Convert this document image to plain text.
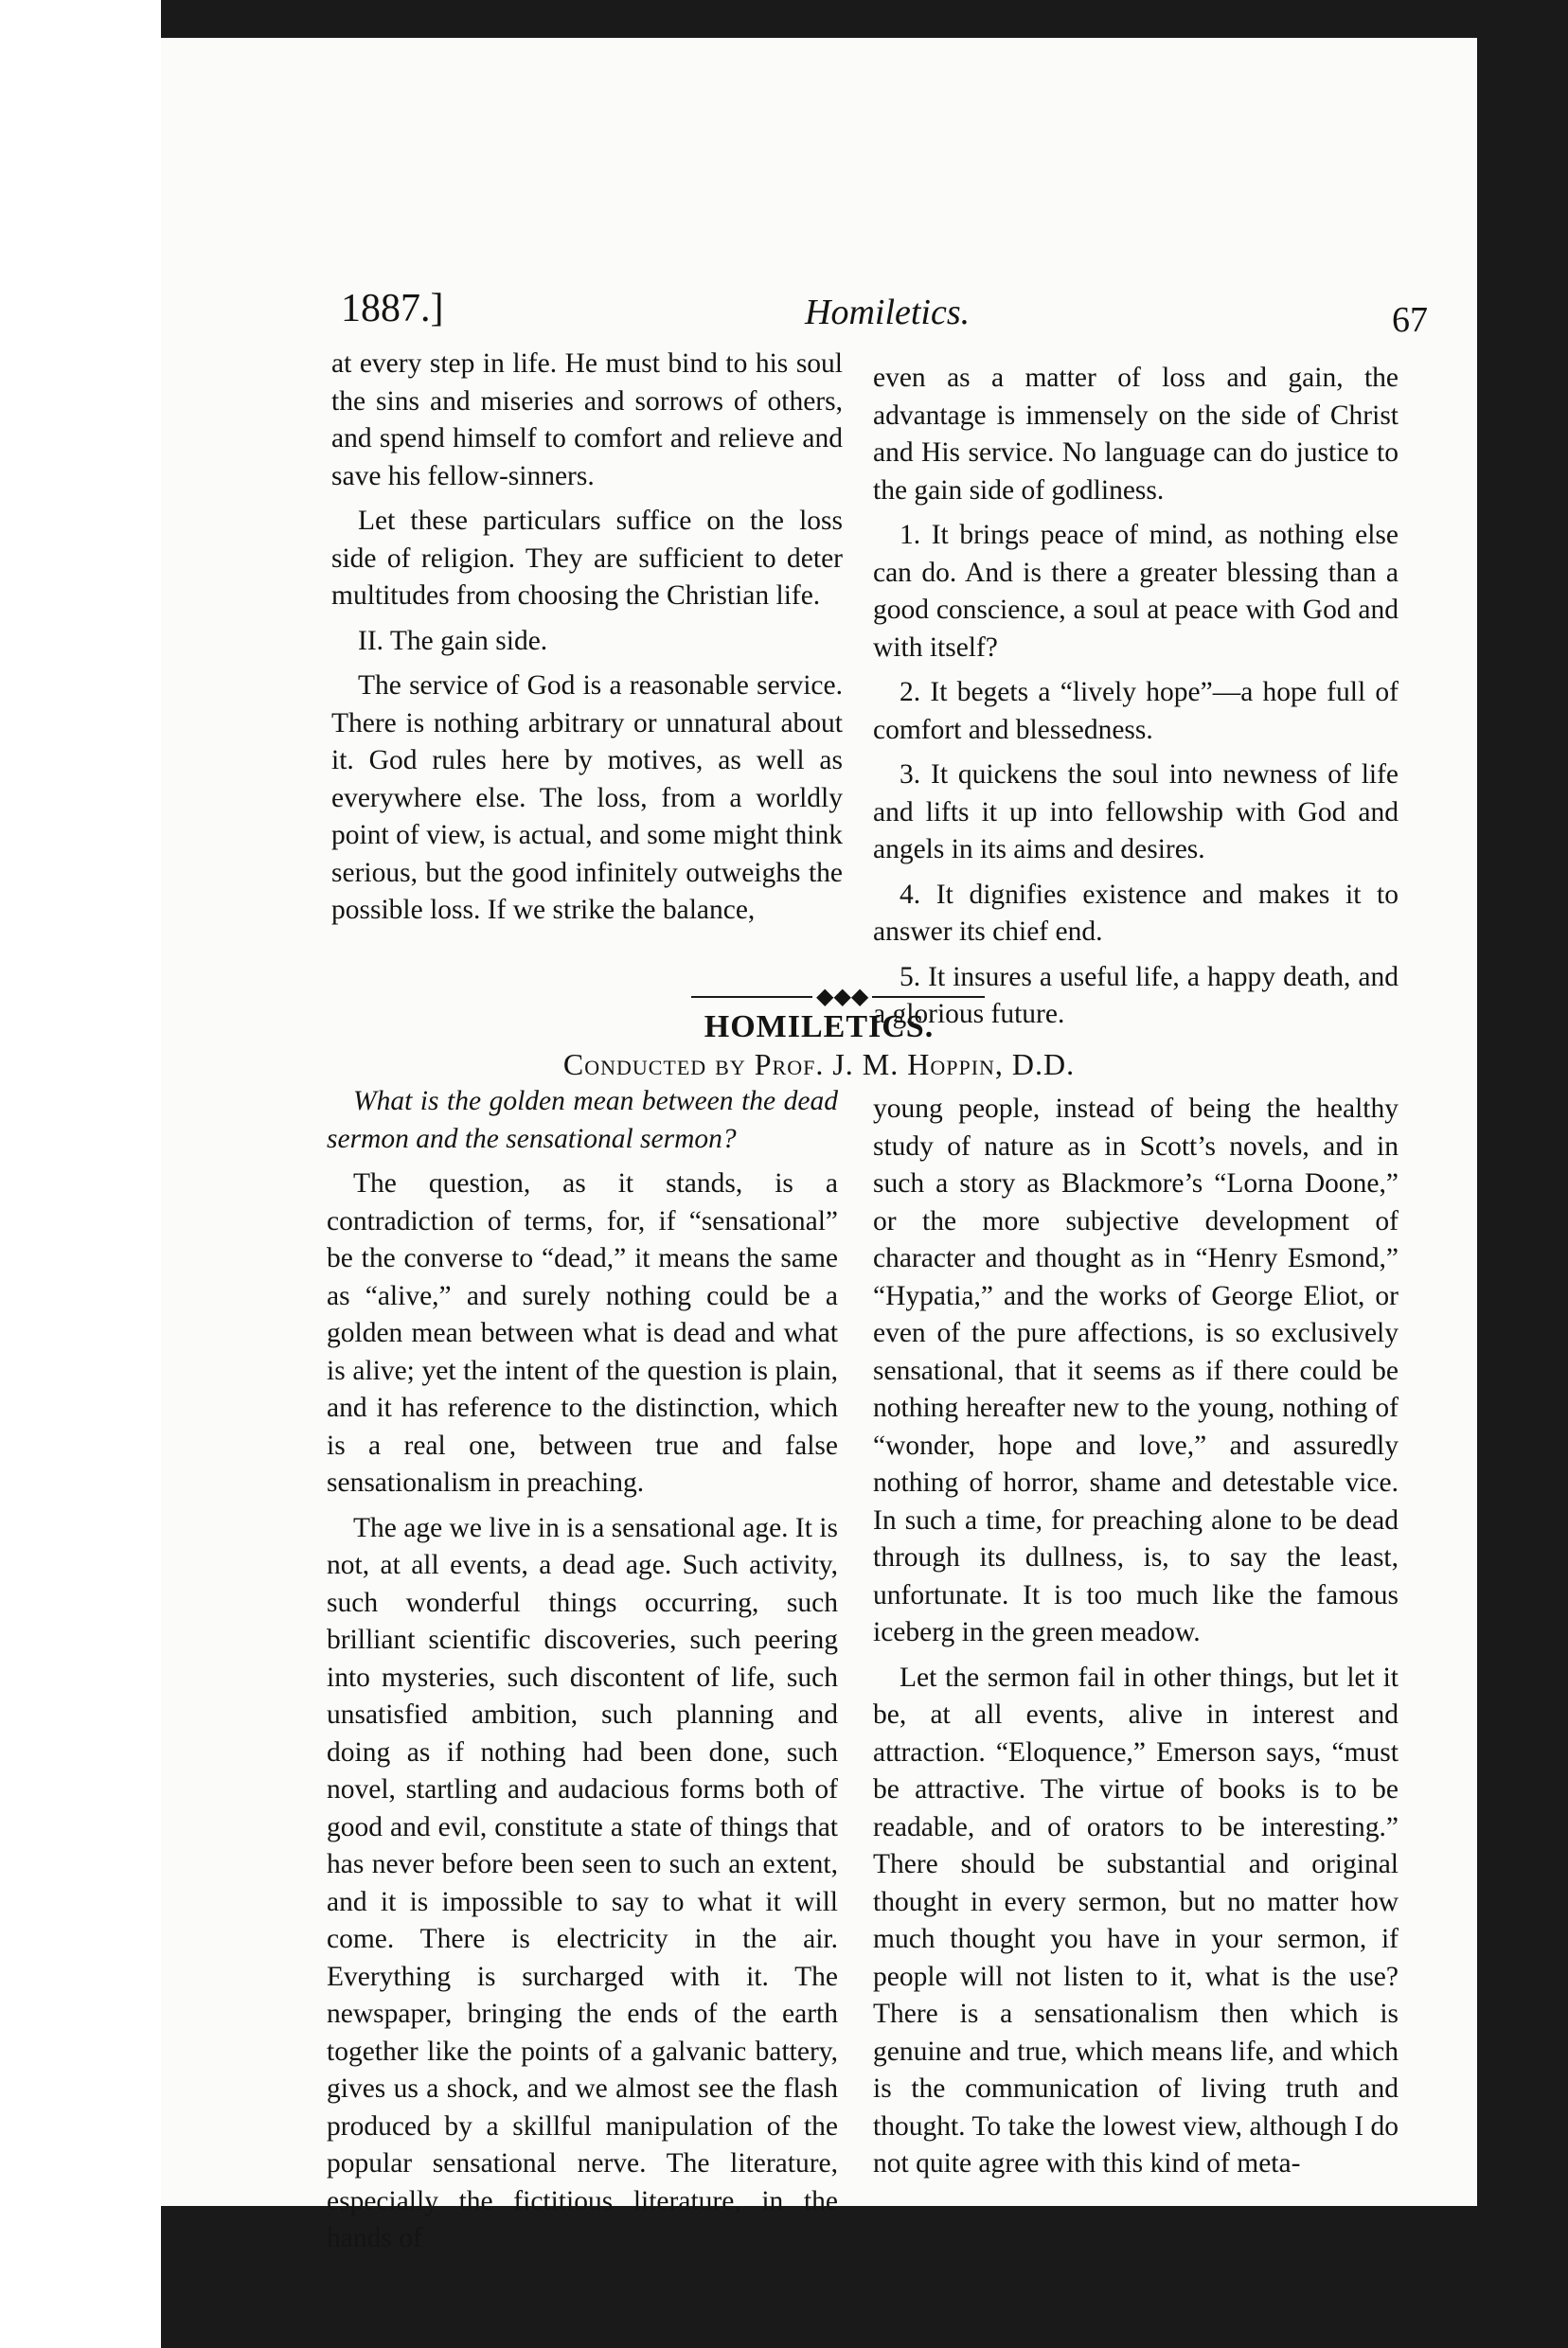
1887.]	Homiletics.	67

at every step in life. He must bind to his soul the sins and miseries and sorrows of others, and spend himself to comfort and relieve and save his fellow-sinners.

Let these particulars suffice on the loss side of religion. They are sufficient to deter multitudes from choosing the Christian life.

II. The gain side.

The service of God is a reasonable service. There is nothing arbitrary or unnatural about it. God rules here by motives, as well as everywhere else. The loss, from a worldly point of view, is actual, and some might think serious, but the good infinitely outweighs the possible loss. If we strike the balance,

even as a matter of loss and gain, the advantage is immensely on the side of Christ and His service. No language can do justice to the gain side of godliness.

1. It brings peace of mind, as nothing else can do. And is there a greater blessing than a good conscience, a soul at peace with God and with itself?

2. It begets a “lively hope”—a hope full of comfort and blessedness.

3. It quickens the soul into newness of life and lifts it up into fellowship with God and angels in its aims and desires.

4. It dignifies existence and makes it to answer its chief end.

5. It insures a useful life, a happy death, and a glorious future.

◆◆◆
HOMILETICS.
Conducted by Prof. J. M. Hoppin, D.D.

What is the golden mean between the dead sermon and the sensational sermon?

The question, as it stands, is a contradiction of terms, for, if “sensational” be the converse to “dead,” it means the same as “alive,” and surely nothing could be a golden mean between what is dead and what is alive; yet the intent of the question is plain, and it has reference to the distinction, which is a real one, between true and false sensationalism in preaching.

The age we live in is a sensational age. It is not, at all events, a dead age. Such activity, such wonderful things occurring, such brilliant scientific discoveries, such peering into mysteries, such discontent of life, such unsatisfied ambition, such planning and doing as if nothing had been done, such novel, startling and audacious forms both of good and evil, constitute a state of things that has never before been seen to such an extent, and it is impossible to say to what it will come. There is electricity in the air. Everything is surcharged with it. The newspaper, bringing the ends of the earth together like the points of a galvanic battery, gives us a shock, and we almost see the flash produced by a skillful manipulation of the popular sensational nerve. The literature, especially the fictitious literature, in the hands of

young people, instead of being the healthy study of nature as in Scott’s novels, and in such a story as Blackmore’s “Lorna Doone,” or the more subjective development of character and thought as in “Henry Esmond,” “Hypatia,” and the works of George Eliot, or even of the pure affections, is so exclusively sensational, that it seems as if there could be nothing hereafter new to the young, nothing of “wonder, hope and love,” and assuredly nothing of horror, shame and detestable vice. In such a time, for preaching alone to be dead through its dullness, is, to say the least, unfortunate. It is too much like the famous iceberg in the green meadow.

Let the sermon fail in other things, but let it be, at all events, alive in interest and attraction. “Eloquence,” Emerson says, “must be attractive. The virtue of books is to be readable, and of orators to be interesting.” There should be substantial and original thought in every sermon, but no matter how much thought you have in your sermon, if people will not listen to it, what is the use? There is a sensationalism then which is genuine and true, which means life, and which is the communication of living truth and thought. To take the lowest view, although I do not quite agree with this kind of meta-
